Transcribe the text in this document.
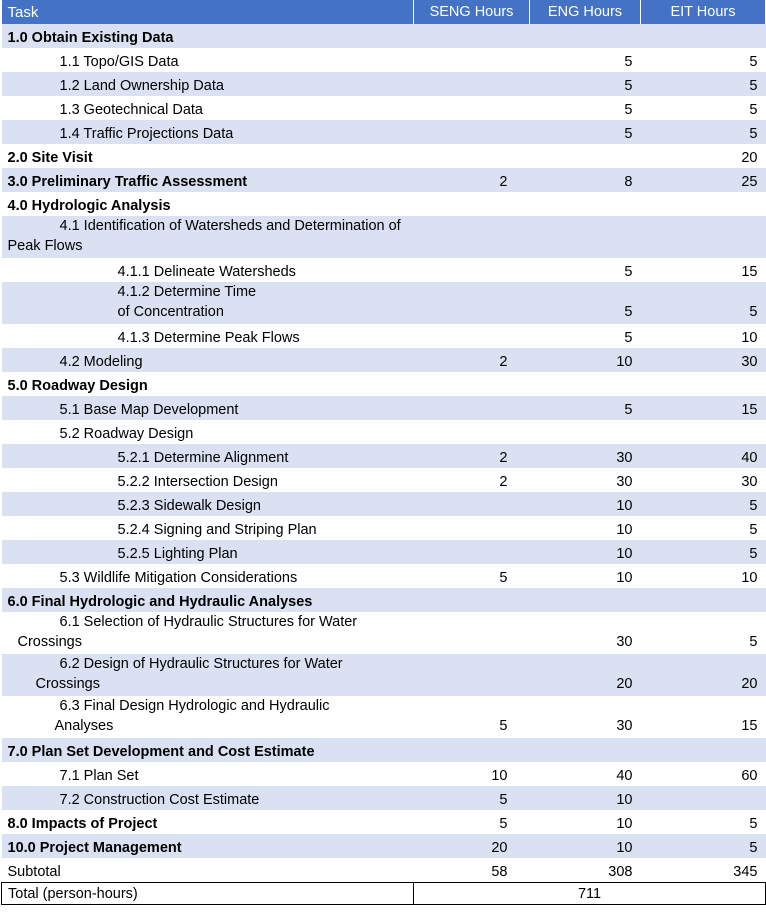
Task	SENG Hours	ENG Hours	EIT Hours
1.0 Obtain Existing Data			
1.1 Topo/GIS Data		5	5
1.2 Land Ownership Data		5	5
1.3 Geotechnical Data		5	5
1.4 Traffic Projections Data		5	5
2.0 Site Visit			20
3.0 Preliminary Traffic Assessment	2	8	25
4.0 Hydrologic Analysis			
4.1 Identification of Watersheds and Determination of Peak Flows			
4.1.1 Delineate Watersheds		5	15
4.1.2 Determine Time of Concentration		5	5
4.1.3 Determine Peak Flows		5	10
4.2 Modeling	2	10	30
5.0 Roadway Design			
5.1 Base Map Development		5	15
5.2 Roadway Design			
5.2.1 Determine Alignment	2	30	40
5.2.2 Intersection Design	2	30	30
5.2.3 Sidewalk Design		10	5
5.2.4 Signing and Striping Plan		10	5
5.2.5 Lighting Plan		10	5
5.3 Wildlife Mitigation Considerations	5	10	10
6.0 Final Hydrologic and Hydraulic Analyses			
6.1 Selection of Hydraulic Structures for Water Crossings		30	5
6.2 Design of Hydraulic Structures for Water Crossings		20	20
6.3 Final Design Hydrologic and Hydraulic Analyses	5	30	15
7.0 Plan Set Development and Cost Estimate			
7.1 Plan Set	10	40	60
7.2 Construction Cost Estimate	5	10	
8.0 Impacts of Project	5	10	5
10.0 Project Management	20	10	5
Subtotal	58	308	345
Total (person-hours)	711		
